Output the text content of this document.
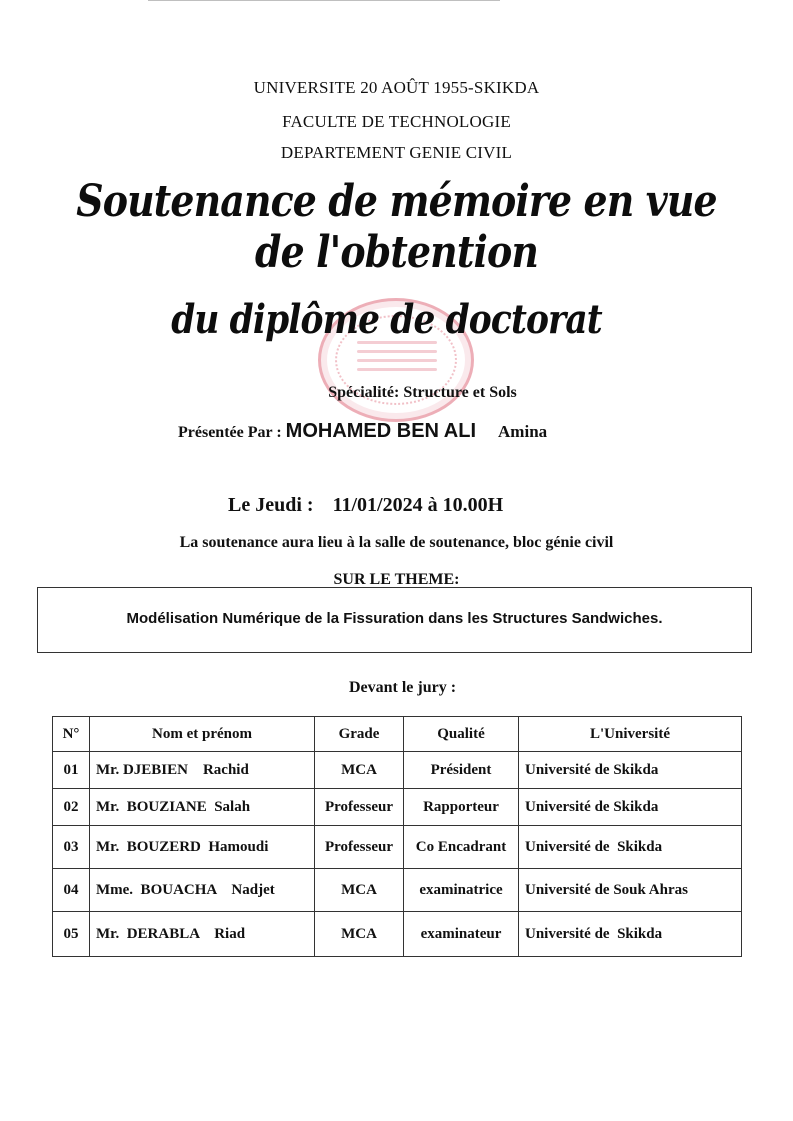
UNIVERSITE 20 AOÛT 1955-SKIKDA
FACULTE DE TECHNOLOGIE
DEPARTEMENT GENIE CIVIL
Soutenance de mémoire en vue de l'obtention
du diplôme de doctorat
Spécialité: Structure et Sols
Présentée Par : MOHAMED BEN ALI Amina
Le Jeudi : 11/01/2024 à 10.00H
La soutenance aura lieu à la salle de soutenance, bloc génie civil
SUR LE THEME:
Modélisation Numérique de la Fissuration dans les Structures Sandwiches.
Devant le jury :
N°	Nom et prénom	Grade	Qualité	L'Université
01	Mr. DJEBIEN    Rachid	MCA	Président	Université de Skikda
02	Mr.  BOUZIANE  Salah	Professeur	Rapporteur	Université de Skikda
03	Mr.  BOUZERD  Hamoudi	Professeur	Co Encadrant	Université de  Skikda
04	Mme.  BOUACHA    Nadjet	MCA	examinatrice	Université de Souk Ahras
05	Mr.  DERABLA    Riad	MCA	examinateur	Université de  Skikda
